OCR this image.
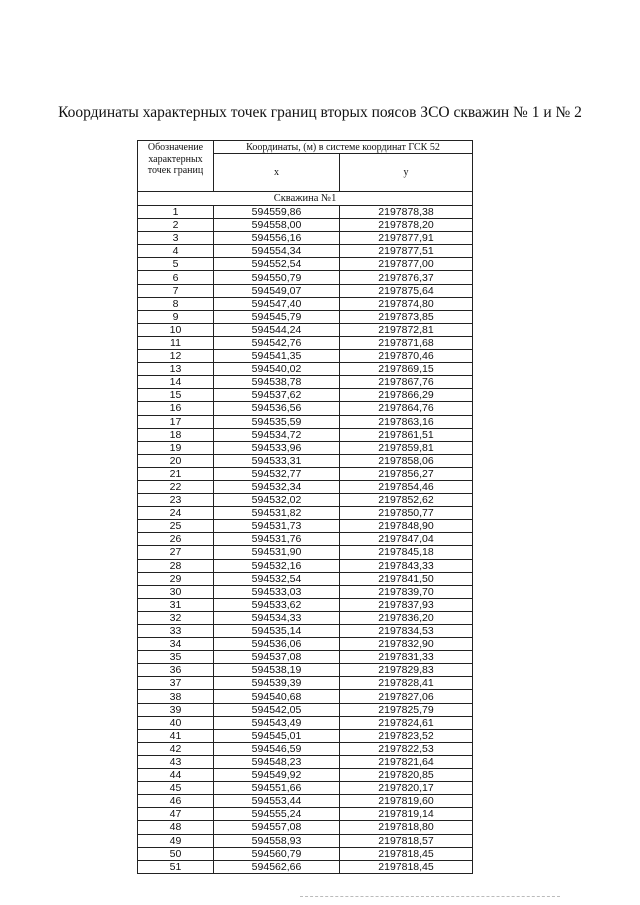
Координаты характерных точек границ вторых поясов ЗСО скважин № 1 и № 2
Обозначение характерных точек границ	Координаты, (м) в системе координат ГСК 52	
	x	y
Скважина №1		
1	594559,86	2197878,38
2	594558,00	2197878,20
3	594556,16	2197877,91
4	594554,34	2197877,51
5	594552,54	2197877,00
6	594550,79	2197876,37
7	594549,07	2197875,64
8	594547,40	2197874,80
9	594545,79	2197873,85
10	594544,24	2197872,81
11	594542,76	2197871,68
12	594541,35	2197870,46
13	594540,02	2197869,15
14	594538,78	2197867,76
15	594537,62	2197866,29
16	594536,56	2197864,76
17	594535,59	2197863,16
18	594534,72	2197861,51
19	594533,96	2197859,81
20	594533,31	2197858,06
21	594532,77	2197856,27
22	594532,34	2197854,46
23	594532,02	2197852,62
24	594531,82	2197850,77
25	594531,73	2197848,90
26	594531,76	2197847,04
27	594531,90	2197845,18
28	594532,16	2197843,33
29	594532,54	2197841,50
30	594533,03	2197839,70
31	594533,62	2197837,93
32	594534,33	2197836,20
33	594535,14	2197834,53
34	594536,06	2197832,90
35	594537,08	2197831,33
36	594538,19	2197829,83
37	594539,39	2197828,41
38	594540,68	2197827,06
39	594542,05	2197825,79
40	594543,49	2197824,61
41	594545,01	2197823,52
42	594546,59	2197822,53
43	594548,23	2197821,64
44	594549,92	2197820,85
45	594551,66	2197820,17
46	594553,44	2197819,60
47	594555,24	2197819,14
48	594557,08	2197818,80
49	594558,93	2197818,57
50	594560,79	2197818,45
51	594562,66	2197818,45
